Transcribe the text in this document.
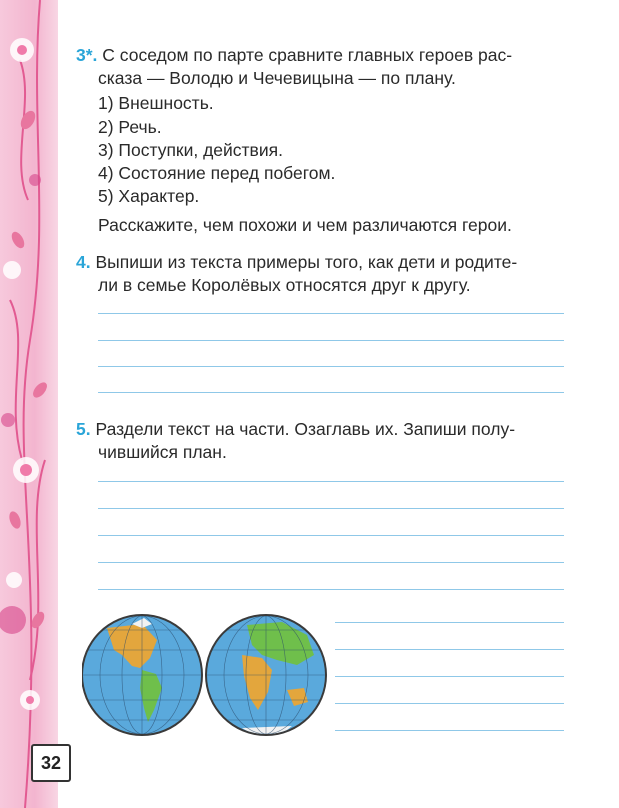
32
3*. С соседом по парте сравните главных героев рас-
сказа — Володю и Чечевицына — по плану.
1) Внешность.
2) Речь.
3) Поступки, действия.
4) Состояние перед побегом.
5) Характер.
Расскажите, чем похожи и чем различаются герои.
4. Выпиши из текста примеры того, как дети и родите-
ли в семье Королёвых относятся друг к другу.
5. Раздели текст на части. Озаглавь их. Запиши полу-
чившийся план.
